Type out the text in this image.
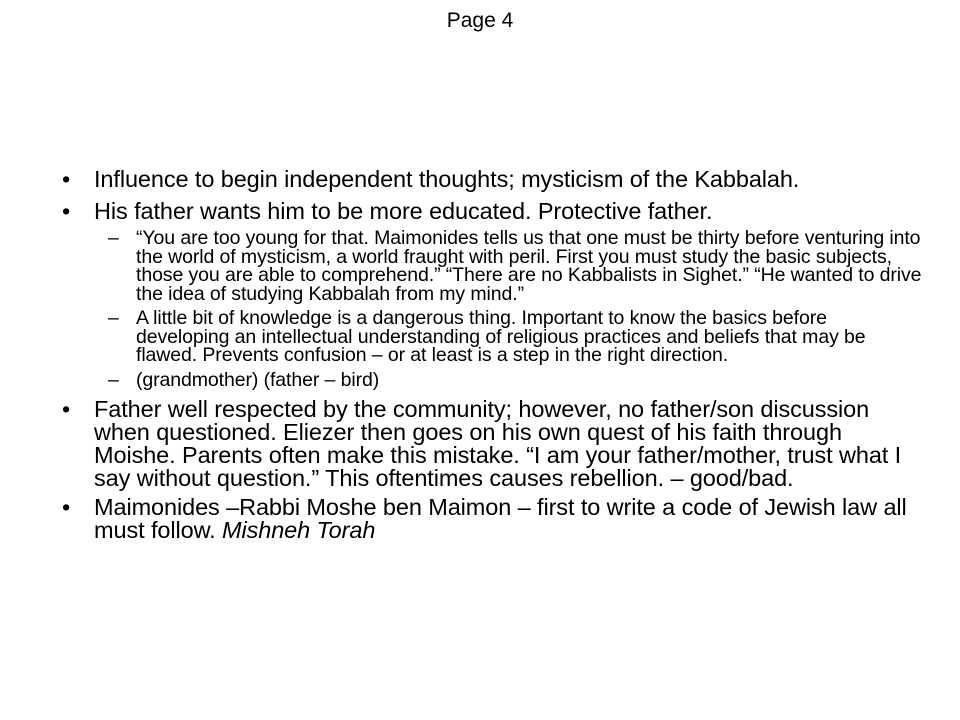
Page 4
• Influence to begin independent thoughts; mysticism of the Kabbalah.
• His father wants him to be more educated. Protective father.
– “You are too young for that. Maimonides tells us that one must be thirty before venturing into the world of mysticism, a world fraught with peril. First you must study the basic subjects, those you are able to comprehend.” “There are no Kabbalists in Sighet.” “He wanted to drive the idea of studying Kabbalah from my mind.”
– A little bit of knowledge is a dangerous thing. Important to know the basics before developing an intellectual understanding of religious practices and beliefs that may be flawed. Prevents confusion – or at least is a step in the right direction.
– (grandmother) (father – bird)
• Father well respected by the community; however, no father/son discussion when questioned. Eliezer then goes on his own quest of his faith through Moishe. Parents often make this mistake. “I am your father/mother, trust what I say without question.” This oftentimes causes rebellion. – good/bad.
• Maimonides –Rabbi Moshe ben Maimon – first to write a code of Jewish law all must follow. Mishneh Torah
